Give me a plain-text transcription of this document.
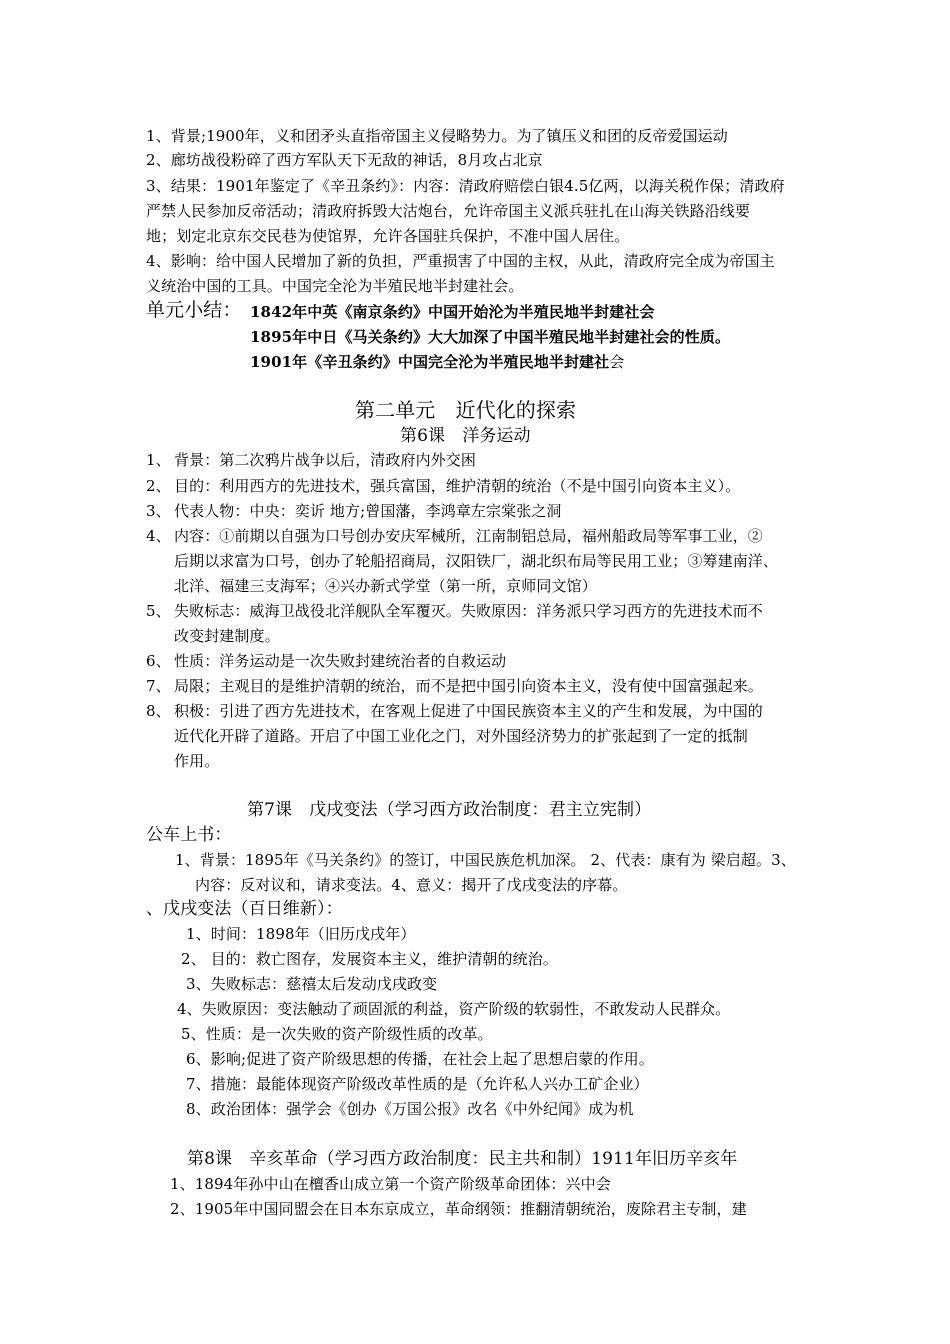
1、背景;1900年，义和团矛头直指帝国主义侵略势力。为了镇压义和团的反帝爱国运动
2、廊坊战役粉碎了西方军队天下无敌的神话，8月攻占北京
3、结果：1901年鉴定了《辛丑条约》：内容：清政府赔偿白银4.5亿两，以海关税作保；清政府
严禁人民参加反帝活动；清政府拆毁大沽炮台，允许帝国主义派兵驻扎在山海关铁路沿线要
地；划定北京东交民巷为使馆界，允许各国驻兵保护，不准中国人居住。
4、影响：给中国人民增加了新的负担，严重损害了中国的主权，从此，清政府完全成为帝国主
义统治中国的工具。中国完全沦为半殖民地半封建社会。
单元小结： 1842年中英《南京条约》中国开始沦为半殖民地半封建社会
1895年中日《马关条约》大大加深了中国半殖民地半封建社会的性质。
1901年《辛丑条约》中国完全沦为半殖民地半封建社会
第二单元　近代化的探索
第6课　洋务运动
1、 背景：第二次鸦片战争以后，清政府内外交困
2、 目的：利用西方的先进技术，强兵富国，维护清朝的统治（不是中国引向资本主义）。
3、 代表人物：中央：奕䜣 地方;曾国藩，李鸿章左宗棠张之洞
4、 内容：①前期以自强为口号创办安庆军械所，江南制铝总局，福州船政局等军事工业，②
后期以求富为口号，创办了轮船招商局，汉阳铁厂，湖北织布局等民用工业；③筹建南洋、
北洋、福建三支海军；④兴办新式学堂（第一所，京师同文馆）
5、 失败标志：威海卫战役北洋舰队全军覆灭。失败原因：洋务派只学习西方的先进技术而不
改变封建制度。
6、 性质：洋务运动是一次失败封建统治者的自救运动
7、 局限；主观目的是维护清朝的统治，而不是把中国引向资本主义，没有使中国富强起来。
8、 积极：引进了西方先进技术，在客观上促进了中国民族资本主义的产生和发展，为中国的
近代化开辟了道路。开启了中国工业化之门，对外国经济势力的扩张起到了一定的抵制
作用。
第7课　戊戌变法（学习西方政治制度：君主立宪制）
公车上书：
1、背景：1895年《马关条约》的签订，中国民族危机加深。 2、代表：康有为 梁启超。3、
内容：反对议和，请求变法。4、意义：揭开了戊戌变法的序幕。
、戊戌变法（百日维新）：
1、时间：1898年（旧历戊戌年）
2、 目的：救亡图存，发展资本主义，维护清朝的统治。
3、失败标志：慈禧太后发动戊戌政变
4、失败原因：变法触动了顽固派的利益，资产阶级的软弱性，不敢发动人民群众。
5、性质：是一次失败的资产阶级性质的改革。
6、影响;促进了资产阶级思想的传播，在社会上起了思想启蒙的作用。
7、措施：最能体现资产阶级改革性质的是（允许私人兴办工矿企业）
8、政治团体：强学会《创办《万国公报》改名《中外纪闻》成为机
第8课　辛亥革命（学习西方政治制度：民主共和制）1911年旧历辛亥年
1、1894年孙中山在檀香山成立第一个资产阶级革命团体：兴中会
2、1905年中国同盟会在日本东京成立，革命纲领：推翻清朝统治，废除君主专制，建
